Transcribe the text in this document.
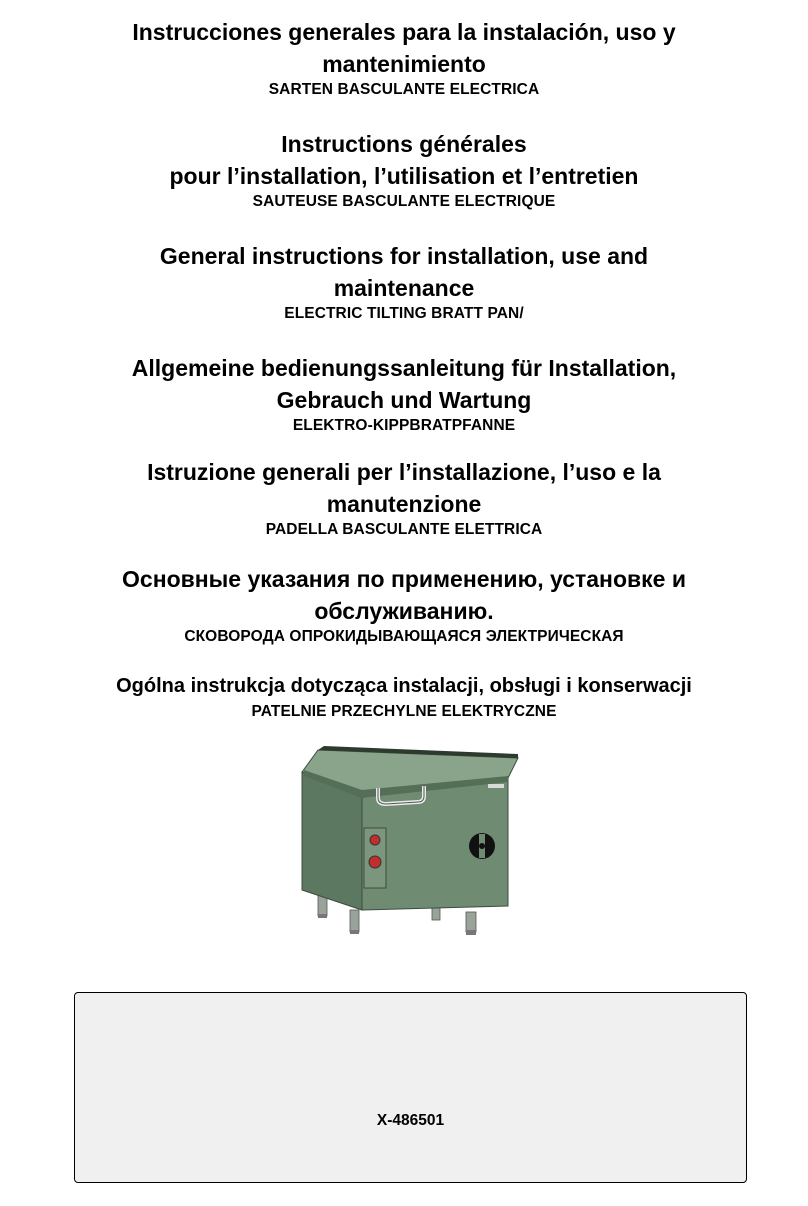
Instrucciones generales para la instalación, uso y

mantenimiento

SARTEN BASCULANTE ELECTRICA

Instructions générales

pour l’installation, l’utilisation et l’entretien

SAUTEUSE BASCULANTE ELECTRIQUE

General instructions for installation, use and

maintenance

ELECTRIC TILTING BRATT PAN/

Allgemeine bedienungssanleitung für Installation,

Gebrauch und Wartung

ELEKTRO-KIPPBRATPFANNE

Istruzione generali per l’installazione, l’uso e la

manutenzione

PADELLA BASCULANTE ELETTRICA

Основные указания по применению, установке и

обслуживанию.

СКОВОРОДА ОПРОКИДЫВАЮЩАЯСЯ ЭЛЕКТРИЧЕСКАЯ

Ogólna instrukcja dotycząca instalacji, obsługi i konserwacji

PATELNIE PRZECHYLNE ELEKTRYCZNE

X-486501
